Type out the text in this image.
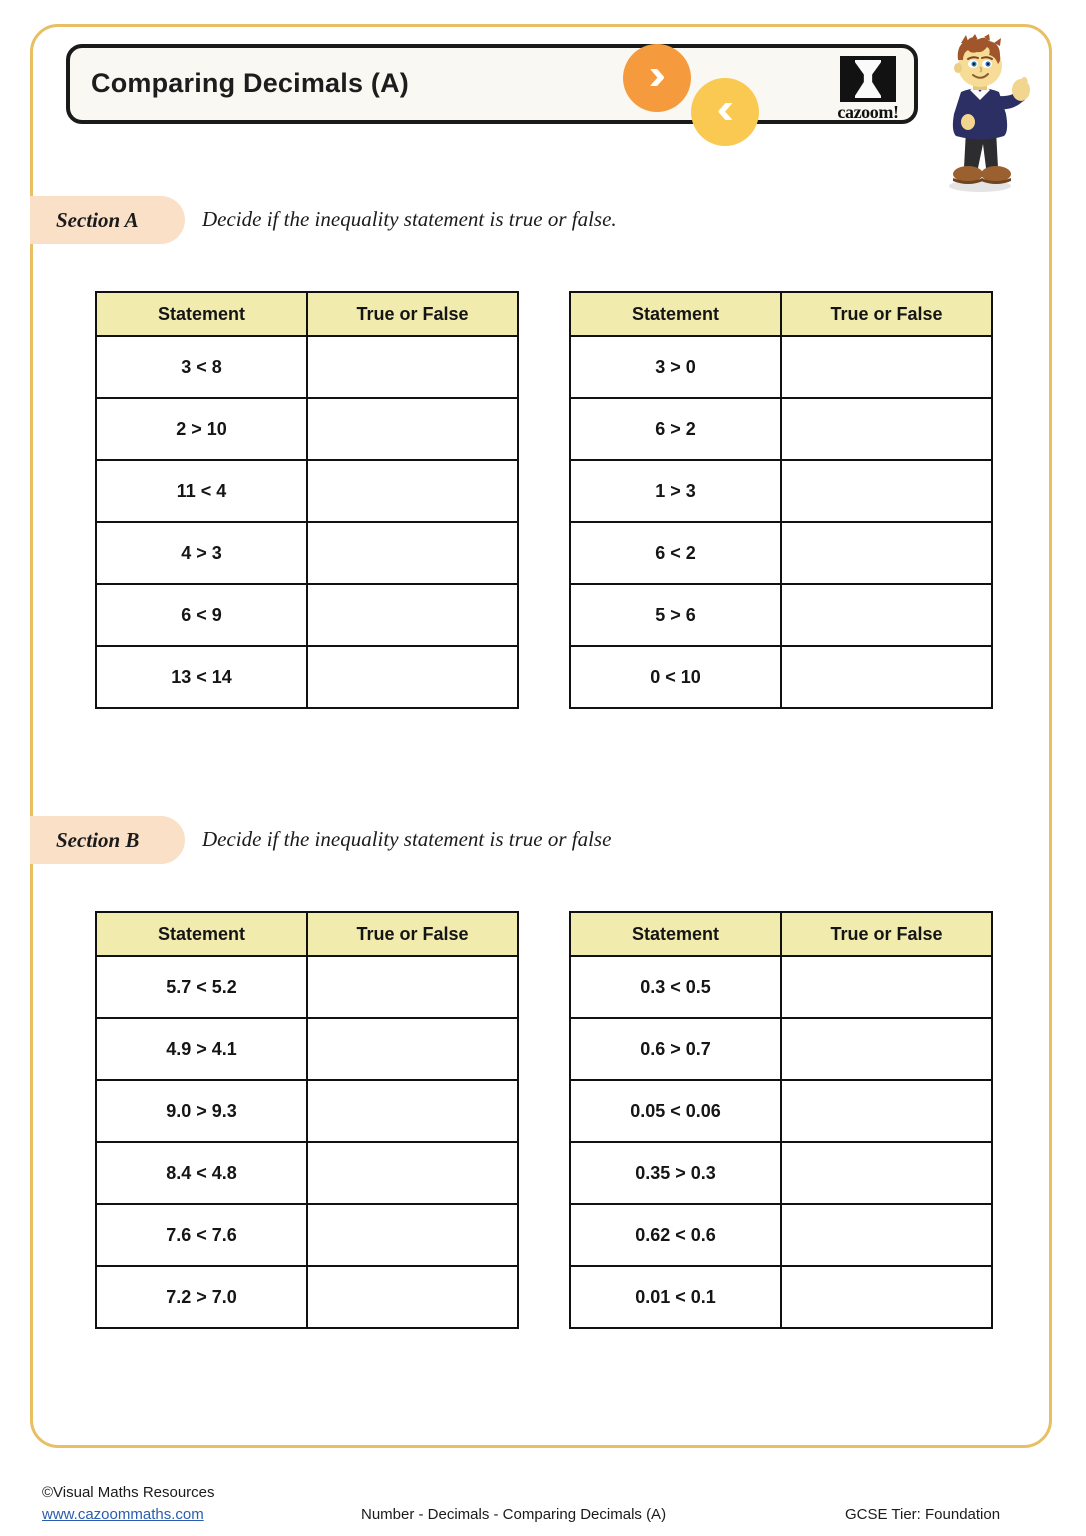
Comparing Decimals (A)	›
‹	cazoom!
Section A	Decide if the inequality statement is true or false.
Statement	True or False
3 < 8	
2 > 10	
11 < 4	
4 > 3	
6 < 9	
13 < 14	
Statement	True or False
3 > 0	
6 > 2	
1 > 3	
6 < 2	
5 > 6	
0 < 10	
Section B	Decide if the inequality statement is true or false
Statement	True or False
5.7 < 5.2	
4.9 > 4.1	
9.0 > 9.3	
8.4 < 4.8	
7.6 < 7.6	
7.2 > 7.0	
Statement	True or False
0.3 < 0.5	
0.6 > 0.7	
0.05 < 0.06	
0.35 > 0.3	
0.62 < 0.6	
0.01 < 0.1	
©Visual Maths Resources
www.cazoommaths.com	Number - Decimals - Comparing Decimals (A)	GCSE Tier: Foundation
